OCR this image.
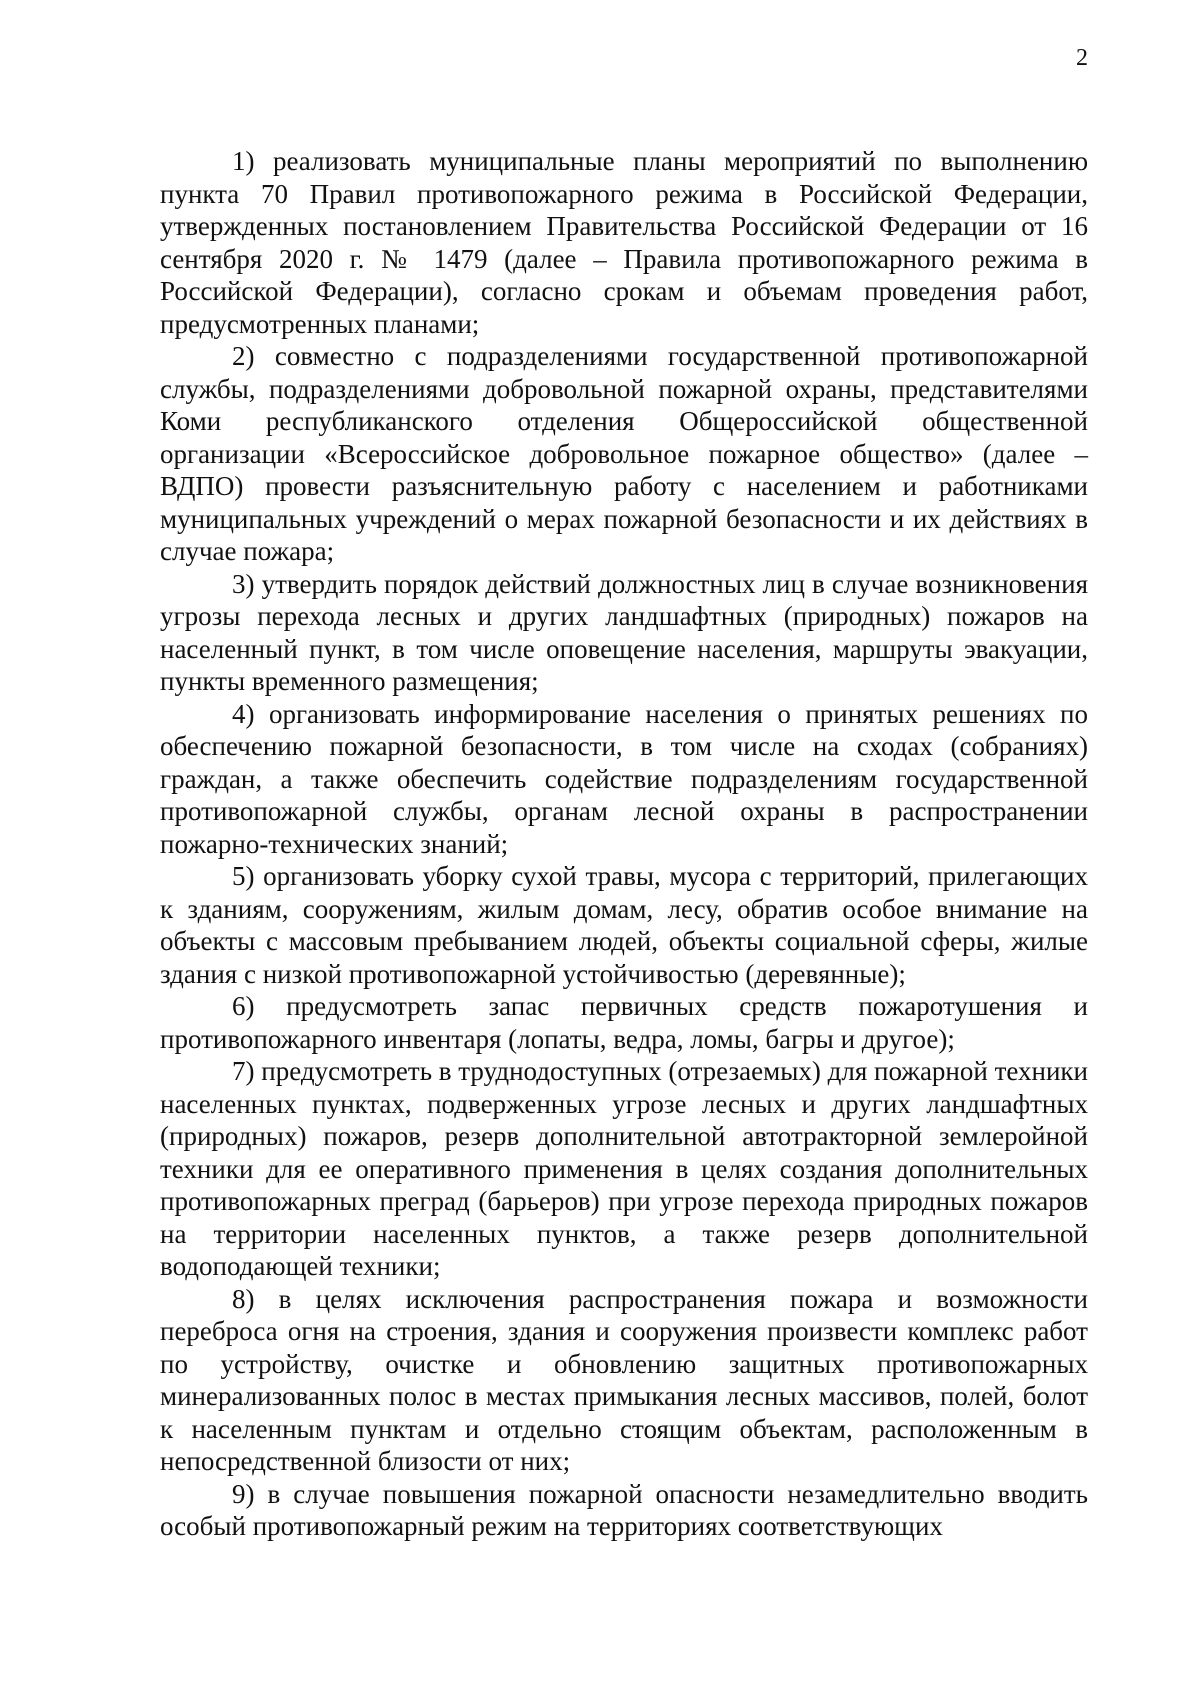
2

1) реализовать муниципальные планы мероприятий по выполнению пункта 70 Правил противопожарного режима в Российской Федерации, утвержденных постановлением Правительства Российской Федерации от 16 сентября 2020 г. № 1479 (далее – Правила противопожарного режима в Российской Федерации), согласно срокам и объемам проведения работ, предусмотренных планами;

2) совместно с подразделениями государственной противопожарной службы, подразделениями добровольной пожарной охраны, представителями Коми республиканского отделения Общероссийской общественной организации «Всероссийское добровольное пожарное общество» (далее – ВДПО) провести разъяснительную работу с населением и работниками муниципальных учреждений о мерах пожарной безопасности и их действиях в случае пожара;

3) утвердить порядок действий должностных лиц в случае возникновения угрозы перехода лесных и других ландшафтных (природных) пожаров на населенный пункт, в том числе оповещение населения, маршруты эвакуации, пункты временного размещения;

4) организовать информирование населения о принятых решениях по обеспечению пожарной безопасности, в том числе на сходах (собраниях) граждан, а также обеспечить содействие подразделениям государственной противопожарной службы, органам лесной охраны в распространении пожарно-технических знаний;

5) организовать уборку сухой травы, мусора с территорий, прилегающих к зданиям, сооружениям, жилым домам, лесу, обратив особое внимание на объекты с массовым пребыванием людей, объекты социальной сферы, жилые здания с низкой противопожарной устойчивостью (деревянные);

6) предусмотреть запас первичных средств пожаротушения и противопожарного инвентаря (лопаты, ведра, ломы, багры и другое);

7) предусмотреть в труднодоступных (отрезаемых) для пожарной техники населенных пунктах, подверженных угрозе лесных и других ландшафтных (природных) пожаров, резерв дополнительной автотракторной землеройной техники для ее оперативного применения в целях создания дополнительных противопожарных преград (барьеров) при угрозе перехода природных пожаров на территории населенных пунктов, а также резерв дополнительной водоподающей техники;

8) в целях исключения распространения пожара и возможности переброса огня на строения, здания и сооружения произвести комплекс работ по устройству, очистке и обновлению защитных противопожарных минерализованных полос в местах примыкания лесных массивов, полей, болот к населенным пунктам и отдельно стоящим объектам, расположенным в непосредственной близости от них;

9) в случае повышения пожарной опасности незамедлительно вводить особый противопожарный режим на территориях соответствующих
